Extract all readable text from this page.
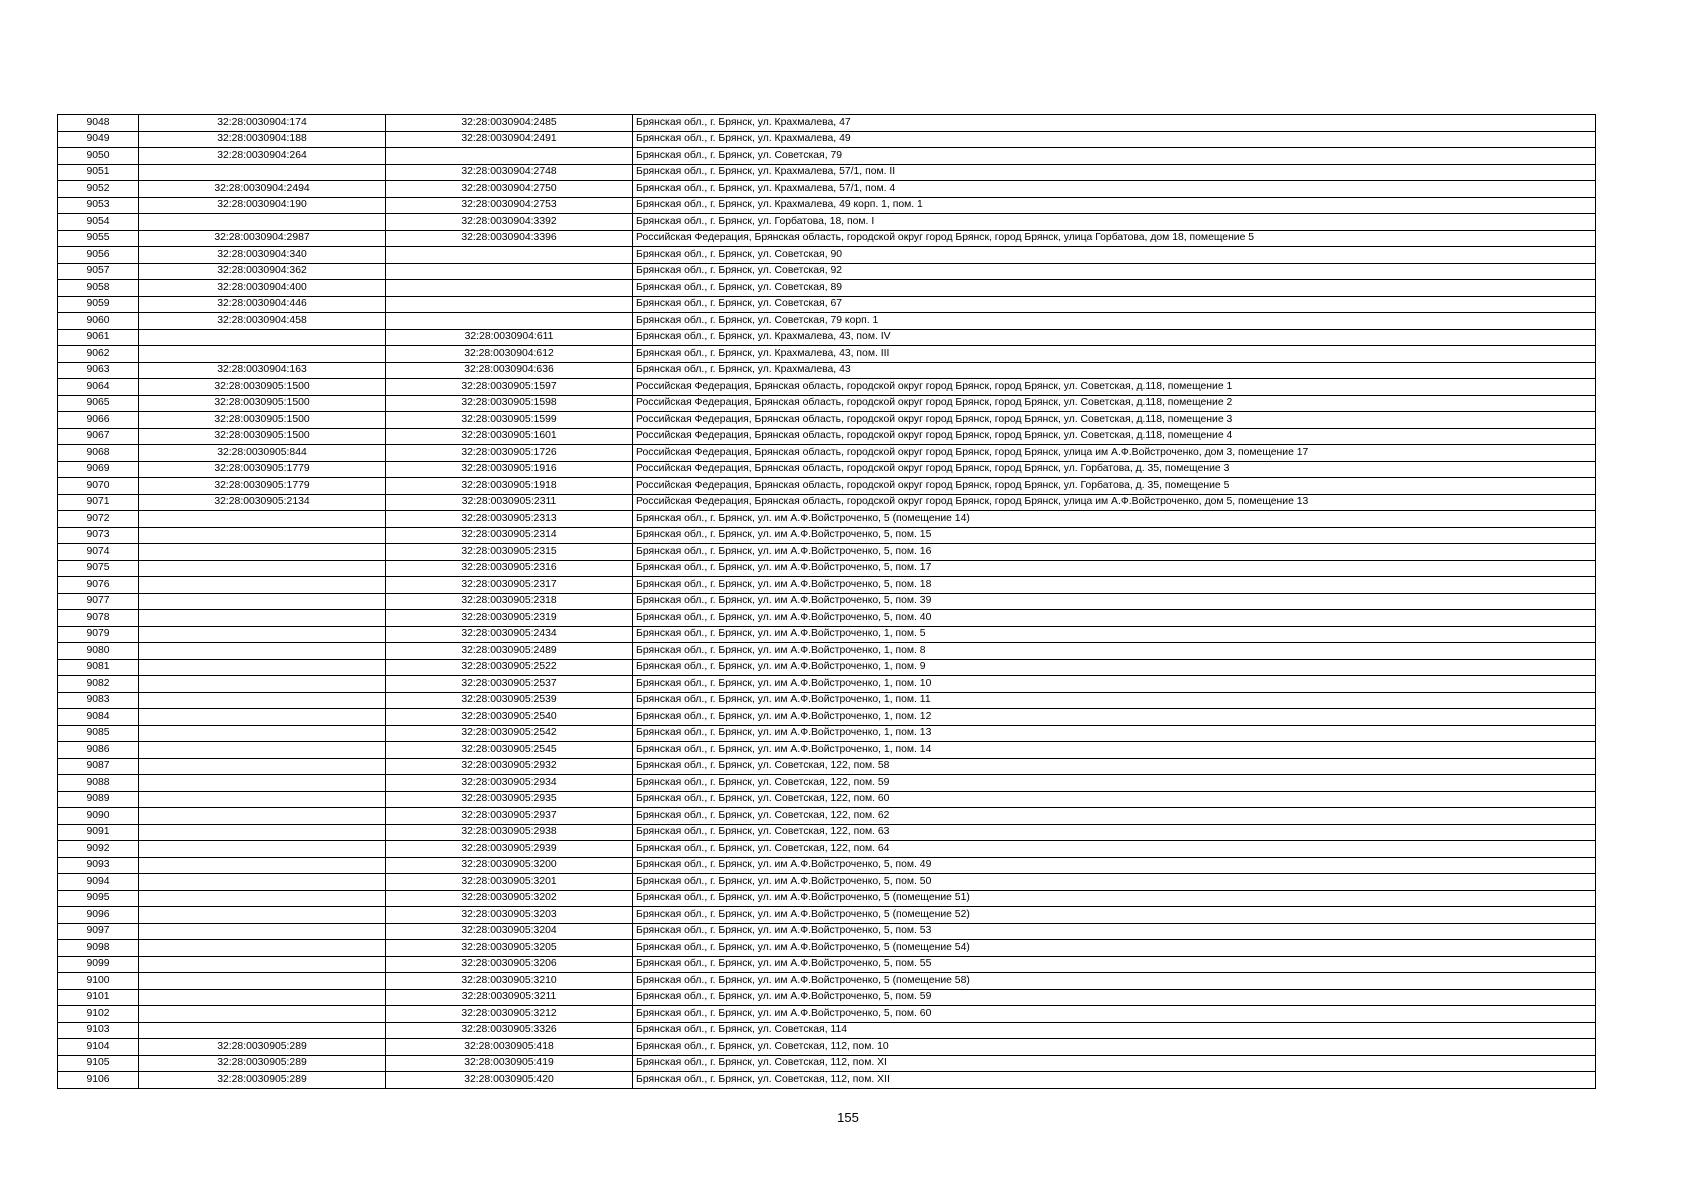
9048	32:28:0030904:174	32:28:0030904:2485	Брянская обл., г. Брянск, ул. Крахмалева, 47
9049	32:28:0030904:188	32:28:0030904:2491	Брянская обл., г. Брянск, ул. Крахмалева, 49
9050	32:28:0030904:264		Брянская обл., г. Брянск, ул. Советская, 79
9051		32:28:0030904:2748	Брянская обл., г. Брянск, ул. Крахмалева, 57/1, пом. II
9052	32:28:0030904:2494	32:28:0030904:2750	Брянская обл., г. Брянск, ул. Крахмалева, 57/1, пом. 4
9053	32:28:0030904:190	32:28:0030904:2753	Брянская обл., г. Брянск, ул. Крахмалева, 49 корп. 1, пом. 1
9054		32:28:0030904:3392	Брянская обл., г. Брянск, ул. Горбатова, 18, пом. I
9055	32:28:0030904:2987	32:28:0030904:3396	Российская Федерация, Брянская область, городской округ город Брянск, город Брянск, улица Горбатова, дом 18, помещение 5
9056	32:28:0030904:340		Брянская обл., г. Брянск, ул. Советская, 90
9057	32:28:0030904:362		Брянская обл., г. Брянск, ул. Советская, 92
9058	32:28:0030904:400		Брянская обл., г. Брянск, ул. Советская, 89
9059	32:28:0030904:446		Брянская обл., г. Брянск, ул. Советская, 67
9060	32:28:0030904:458		Брянская обл., г. Брянск, ул. Советская, 79 корп. 1
9061		32:28:0030904:611	Брянская обл., г. Брянск, ул. Крахмалева, 43, пом. IV
9062		32:28:0030904:612	Брянская обл., г. Брянск, ул. Крахмалева, 43, пом. III
9063	32:28:0030904:163	32:28:0030904:636	Брянская обл., г. Брянск, ул. Крахмалева, 43
9064	32:28:0030905:1500	32:28:0030905:1597	Российская Федерация, Брянская область, городской округ город Брянск, город Брянск, ул. Советская, д.118, помещение 1
9065	32:28:0030905:1500	32:28:0030905:1598	Российская Федерация, Брянская область, городской округ город Брянск, город Брянск, ул. Советская, д.118, помещение 2
9066	32:28:0030905:1500	32:28:0030905:1599	Российская Федерация, Брянская область, городской округ город Брянск, город Брянск, ул. Советская, д.118, помещение 3
9067	32:28:0030905:1500	32:28:0030905:1601	Российская Федерация, Брянская область, городской округ город Брянск, город Брянск, ул. Советская, д.118, помещение 4
9068	32:28:0030905:844	32:28:0030905:1726	Российская Федерация, Брянская область, городской округ город Брянск, город Брянск, улица им А.Ф.Войстроченко, дом 3, помещение 17
9069	32:28:0030905:1779	32:28:0030905:1916	Российская Федерация, Брянская область, городской округ город Брянск, город Брянск, ул. Горбатова, д. 35, помещение 3
9070	32:28:0030905:1779	32:28:0030905:1918	Российская Федерация, Брянская область, городской округ город Брянск, город Брянск, ул. Горбатова, д. 35, помещение 5
9071	32:28:0030905:2134	32:28:0030905:2311	Российская Федерация, Брянская область, городской округ город Брянск, город Брянск, улица им А.Ф.Войстроченко, дом 5, помещение 13
9072		32:28:0030905:2313	Брянская обл., г. Брянск, ул. им А.Ф.Войстроченко, 5 (помещение 14)
9073		32:28:0030905:2314	Брянская обл., г. Брянск, ул. им А.Ф.Войстроченко, 5, пом. 15
9074		32:28:0030905:2315	Брянская обл., г. Брянск, ул. им А.Ф.Войстроченко, 5, пом. 16
9075		32:28:0030905:2316	Брянская обл., г. Брянск, ул. им А.Ф.Войстроченко, 5, пом. 17
9076		32:28:0030905:2317	Брянская обл., г. Брянск, ул. им А.Ф.Войстроченко, 5, пом. 18
9077		32:28:0030905:2318	Брянская обл., г. Брянск, ул. им А.Ф.Войстроченко, 5, пом. 39
9078		32:28:0030905:2319	Брянская обл., г. Брянск, ул. им А.Ф.Войстроченко, 5, пом. 40
9079		32:28:0030905:2434	Брянская обл., г. Брянск, ул. им А.Ф.Войстроченко, 1, пом. 5
9080		32:28:0030905:2489	Брянская обл., г. Брянск, ул. им А.Ф.Войстроченко, 1, пом. 8
9081		32:28:0030905:2522	Брянская обл., г. Брянск, ул. им А.Ф.Войстроченко, 1, пом. 9
9082		32:28:0030905:2537	Брянская обл., г. Брянск, ул. им А.Ф.Войстроченко, 1, пом. 10
9083		32:28:0030905:2539	Брянская обл., г. Брянск, ул. им А.Ф.Войстроченко, 1, пом. 11
9084		32:28:0030905:2540	Брянская обл., г. Брянск, ул. им А.Ф.Войстроченко, 1, пом. 12
9085		32:28:0030905:2542	Брянская обл., г. Брянск, ул. им А.Ф.Войстроченко, 1, пом. 13
9086		32:28:0030905:2545	Брянская обл., г. Брянск, ул. им А.Ф.Войстроченко, 1, пом. 14
9087		32:28:0030905:2932	Брянская обл., г. Брянск, ул. Советская, 122, пом. 58
9088		32:28:0030905:2934	Брянская обл., г. Брянск, ул. Советская, 122, пом. 59
9089		32:28:0030905:2935	Брянская обл., г. Брянск, ул. Советская, 122, пом. 60
9090		32:28:0030905:2937	Брянская обл., г. Брянск, ул. Советская, 122, пом. 62
9091		32:28:0030905:2938	Брянская обл., г. Брянск, ул. Советская, 122, пом. 63
9092		32:28:0030905:2939	Брянская обл., г. Брянск, ул. Советская, 122, пом. 64
9093		32:28:0030905:3200	Брянская обл., г. Брянск, ул. им А.Ф.Войстроченко, 5, пом. 49
9094		32:28:0030905:3201	Брянская обл., г. Брянск, ул. им А.Ф.Войстроченко, 5, пом. 50
9095		32:28:0030905:3202	Брянская обл., г. Брянск, ул. им А.Ф.Войстроченко, 5 (помещение 51)
9096		32:28:0030905:3203	Брянская обл., г. Брянск, ул. им А.Ф.Войстроченко, 5 (помещение 52)
9097		32:28:0030905:3204	Брянская обл., г. Брянск, ул. им А.Ф.Войстроченко, 5, пом. 53
9098		32:28:0030905:3205	Брянская обл., г. Брянск, ул. им А.Ф.Войстроченко, 5 (помещение 54)
9099		32:28:0030905:3206	Брянская обл., г. Брянск, ул. им А.Ф.Войстроченко, 5, пом. 55
9100		32:28:0030905:3210	Брянская обл., г. Брянск, ул. им А.Ф.Войстроченко, 5 (помещение 58)
9101		32:28:0030905:3211	Брянская обл., г. Брянск, ул. им А.Ф.Войстроченко, 5, пом. 59
9102		32:28:0030905:3212	Брянская обл., г. Брянск, ул. им А.Ф.Войстроченко, 5, пом. 60
9103		32:28:0030905:3326	Брянская обл., г. Брянск, ул. Советская, 114
9104	32:28:0030905:289	32:28:0030905:418	Брянская обл., г. Брянск, ул. Советская, 112, пом. 10
9105	32:28:0030905:289	32:28:0030905:419	Брянская обл., г. Брянск, ул. Советская, 112, пом. XI
9106	32:28:0030905:289	32:28:0030905:420	Брянская обл., г. Брянск, ул. Советская, 112, пом. XII
155
